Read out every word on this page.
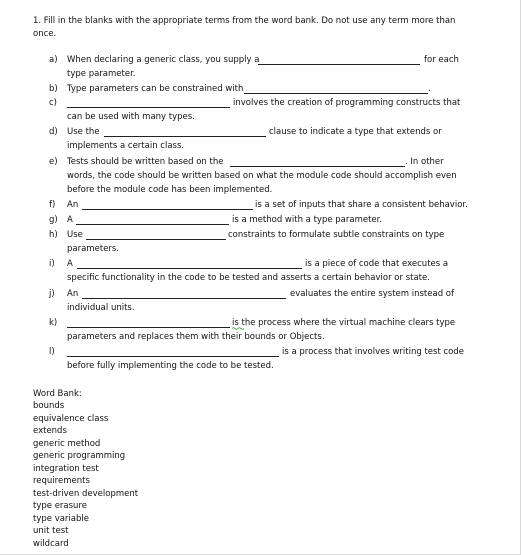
1. Fill in the blanks with the appropriate terms from the word bank. Do not use any term more than
once.
a) When declaring a generic class, you supply a	for each
type parameter.
b) Type parameters can be constrained with	.
c)	involves the creation of programming constructs that
can be used with many types.
d) Use the	clause to indicate a type that extends or
implements a certain class.
e) Tests should be written based on the	. In other
words, the code should be written based on what the module code should accomplish even
before the module code has been implemented.
f) An	is a set of inputs that share a consistent behavior.
g) A	is a method with a type parameter.
h) Use	constraints to formulate subtle constraints on type
parameters.
i) A	is a piece of code that executes a
specific functionality in the code to be tested and asserts a certain behavior or state.
j) An	evaluates the entire system instead of
individual units.
k)	is the process where the virtual machine clears type
parameters and replaces them with their bounds or Objects.
l)	is a process that involves writing test code
before fully implementing the code to be tested.
Word Bank:
bounds
equivalence class
extends
generic method
generic programming
integration test
requirements
test-driven development
type erasure
type variable
unit test
wildcard
